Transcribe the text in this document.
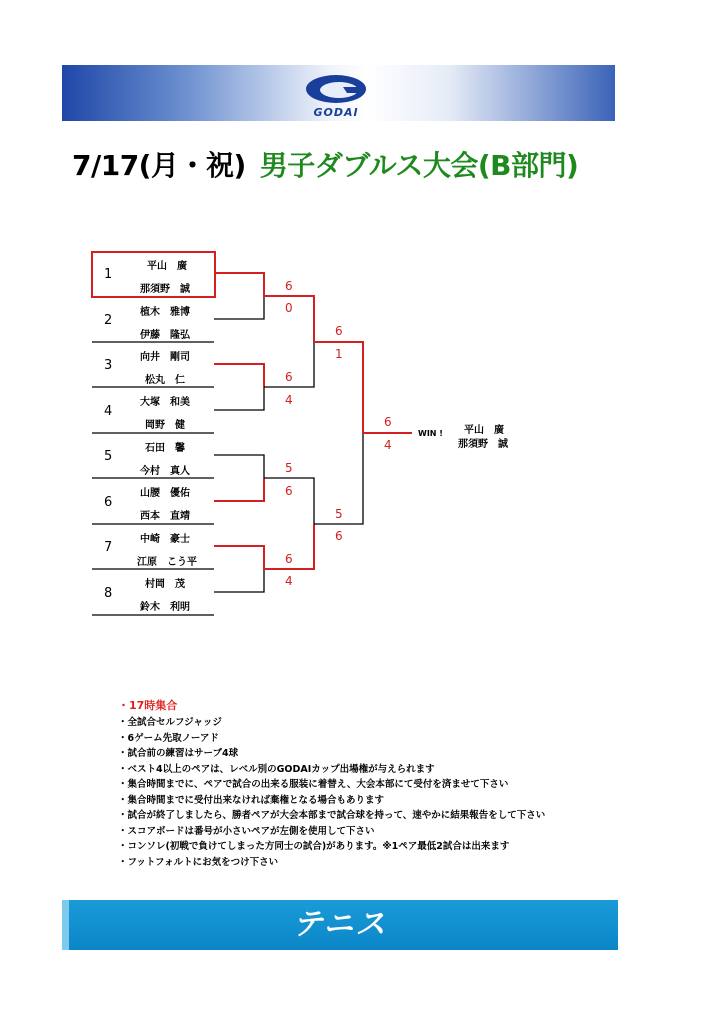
GODAI
7/17(月・祝) 男子ダブルス大会(B部門)
1
平山　廣
那須野　誠
2
植木　雅博
伊藤　隆弘
3
向井　剛司
松丸　仁
4
大塚　和美
岡野　健
5
石田　馨
今村　真人
6
山腰　優佑
西本　直靖
7
中崎　豪士
江原　こう平
8
村岡　茂
鈴木　利明
6
0
6
4
5
6
6
4
6
1
5
6
6
4
WIN ! 平山　廣
那須野　誠
・17時集合
・全試合セルフジャッジ
・6ゲーム先取ノーアド
・試合前の練習はサーブ4球
・ベスト4以上のペアは、レベル別のGODAIカップ出場権が与えられます
・集合時間までに、ペアで試合の出来る服装に着替え、大会本部にて受付を済ませて下さい
・集合時間までに受付出来なければ棄権となる場合もあります
・試合が終了しましたら、勝者ペアが大会本部まで試合球を持って、速やかに結果報告をして下さい
・スコアボードは番号が小さいペアが左側を使用して下さい
・コンソレ(初戦で負けてしまった方同士の試合)があります。※1ペア最低2試合は出来ます
・フットフォルトにお気をつけ下さい
テニス
